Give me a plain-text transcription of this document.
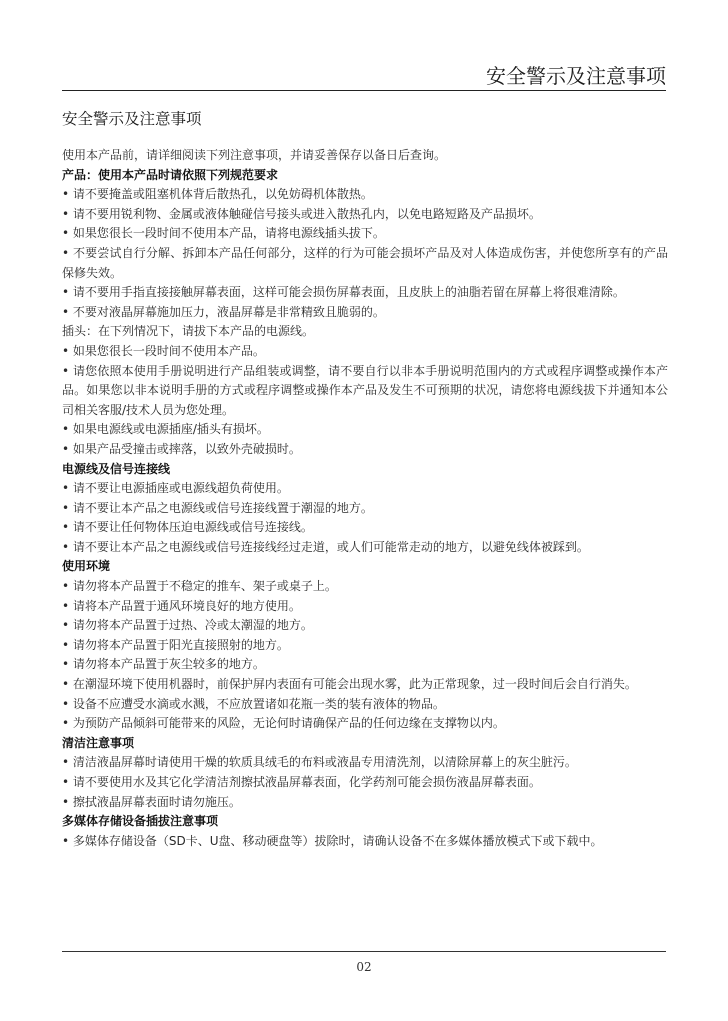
安全警示及注意事项
安全警示及注意事项

使用本产品前，请详细阅读下列注意事项，并请妥善保存以备日后查询。

产品：使用本产品时请依照下列规范要求

• 请不要掩盖或阻塞机体背后散热孔，以免妨碍机体散热。

• 请不要用锐利物、金属或液体触碰信号接头或进入散热孔内，以免电路短路及产品损坏。

• 如果您很长一段时间不使用本产品，请将电源线插头拔下。

• 不要尝试自行分解、拆卸本产品任何部分，这样的行为可能会损坏产品及对人体造成伤害，并使您所享有的产品保修失效。

• 请不要用手指直接接触屏幕表面，这样可能会损伤屏幕表面，且皮肤上的油脂若留在屏幕上将很难清除。

• 不要对液晶屏幕施加压力，液晶屏幕是非常精致且脆弱的。

插头：在下列情况下，请拔下本产品的电源线。

• 如果您很长一段时间不使用本产品。

• 请您依照本使用手册说明进行产品组装或调整，请不要自行以非本手册说明范围内的方式或程序调整或操作本产品。如果您以非本说明手册的方式或程序调整或操作本产品及发生不可预期的状况，请您将电源线拔下并通知本公司相关客服/技术人员为您处理。

• 如果电源线或电源插座/插头有损坏。

• 如果产品受撞击或摔落，以致外壳破损时。

电源线及信号连接线

• 请不要让电源插座或电源线超负荷使用。

• 请不要让本产品之电源线或信号连接线置于潮湿的地方。

• 请不要让任何物体压迫电源线或信号连接线。

• 请不要让本产品之电源线或信号连接线经过走道，或人们可能常走动的地方，以避免线体被踩到。

使用环境

• 请勿将本产品置于不稳定的推车、架子或桌子上。

• 请将本产品置于通风环境良好的地方使用。

• 请勿将本产品置于过热、冷或太潮湿的地方。

• 请勿将本产品置于阳光直接照射的地方。

• 请勿将本产品置于灰尘较多的地方。

• 在潮湿环境下使用机器时，前保护屏内表面有可能会出现水雾，此为正常现象，过一段时间后会自行消失。

• 设备不应遭受水滴或水溅，不应放置诸如花瓶一类的装有液体的物品。

• 为预防产品倾斜可能带来的风险，无论何时请确保产品的任何边缘在支撑物以内。

清洁注意事项

• 清洁液晶屏幕时请使用干燥的软质具绒毛的布料或液晶专用清洗剂，以清除屏幕上的灰尘脏污。

• 请不要使用水及其它化学清洁剂擦拭液晶屏幕表面，化学药剂可能会损伤液晶屏幕表面。

• 擦拭液晶屏幕表面时请勿施压。

多媒体存储设备插拔注意事项

• 多媒体存储设备（SD卡、U盘、移动硬盘等）拔除时，请确认设备不在多媒体播放模式下或下载中。

02
